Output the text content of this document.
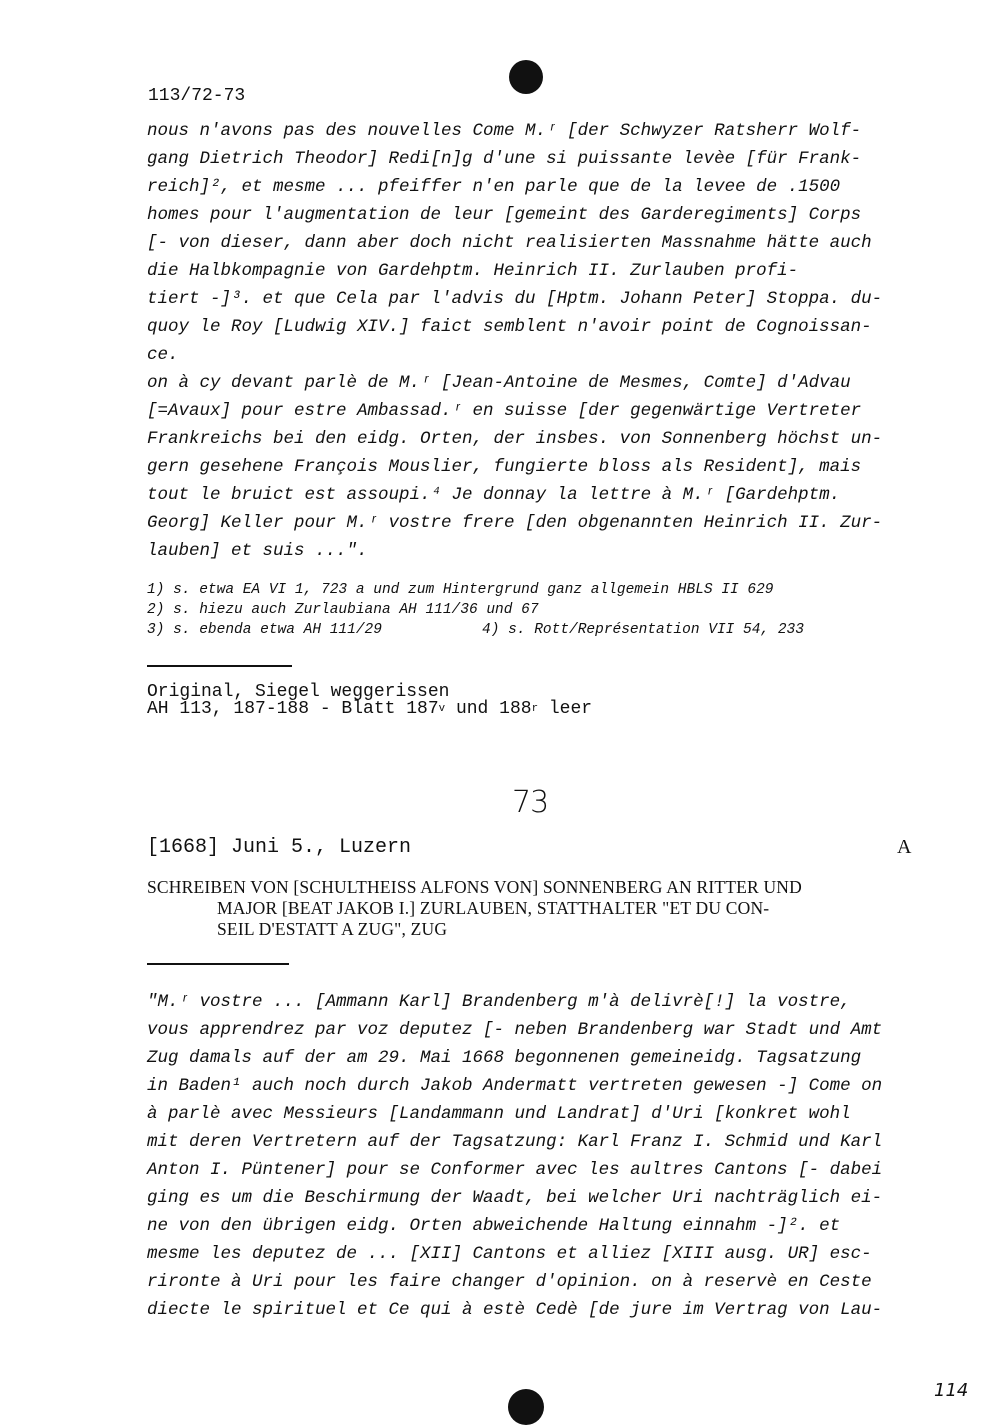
113/72-73
nous n'avons pas des nouvelles Come M.ʳ [der Schwyzer Ratsherr Wolf-
gang Dietrich Theodor] Redi[n]g d'une si puissante levèe [für Frank-
reich]², et mesme ... pfeiffer n'en parle que de la levee de .1500
homes pour l'augmentation de leur [gemeint des Garderegiments] Corps
[- von dieser, dann aber doch nicht realisierten Massnahme hätte auch
die Halbkompagnie von Gardehptm. Heinrich II. Zurlauben profi-
tiert -]³. et que Cela par l'advis du [Hptm. Johann Peter] Stoppa. du-
quoy le Roy [Ludwig XIV.] faict semblent n'avoir point de Cognoissan-
ce.
on à cy devant parlè de M.ʳ [Jean-Antoine de Mesmes, Comte] d'Advau
[=Avaux] pour estre Ambassad.ʳ en suisse [der gegenwärtige Vertreter
Frankreichs bei den eidg. Orten, der insbes. von Sonnenberg höchst un-
gern gesehene François Mouslier, fungierte bloss als Resident], mais
tout le bruict est assoupi.⁴ Je donnay la lettre à M.ʳ [Gardehptm.
Georg] Keller pour M.ʳ vostre frere [den obgenannten Heinrich II. Zur-
lauben] et suis ...".
1) s. etwa EA VI 1, 723 a und zum Hintergrund ganz allgemein HBLS II 629
2) s. hiezu auch Zurlaubiana AH 111/36 und 67
3) s. ebenda etwa AH 111/29	4) s. Rott/Représentation VII 54, 233
Original, Siegel weggerissen
AH 113, 187-188 - Blatt 187$^v$ und 188$^r$ leer
73
[1668] Juni 5., Luzern	A
SCHREIBEN VON [SCHULTHEISS ALFONS VON] SONNENBERG AN RITTER UND
MAJOR [BEAT JAKOB I.] ZURLAUBEN, STATTHALTER "ET DU CON-
SEIL D'ESTATT A ZUG", ZUG
"M.ʳ vostre ... [Ammann Karl] Brandenberg m'à delivrè[!] la vostre,
vous apprendrez par voz deputez [- neben Brandenberg war Stadt und Amt
Zug damals auf der am 29. Mai 1668 begonnenen gemeineidg. Tagsatzung
in Baden¹ auch noch durch Jakob Andermatt vertreten gewesen -] Come on
à parlè avec Messieurs [Landammann und Landrat] d'Uri [konkret wohl
mit deren Vertretern auf der Tagsatzung: Karl Franz I. Schmid und Karl
Anton I. Püntener] pour se Conformer avec les aultres Cantons [- dabei
ging es um die Beschirmung der Waadt, bei welcher Uri nachträglich ei-
ne von den übrigen eidg. Orten abweichende Haltung einnahm -]². et
mesme les deputez de ... [XII] Cantons et alliez [XIII ausg. UR] esc-
rironte à Uri pour les faire changer d'opinion. on à reservè en Ceste
diecte le spirituel et Ce qui à estè Cedè [de jure im Vertrag von Lau-
114
